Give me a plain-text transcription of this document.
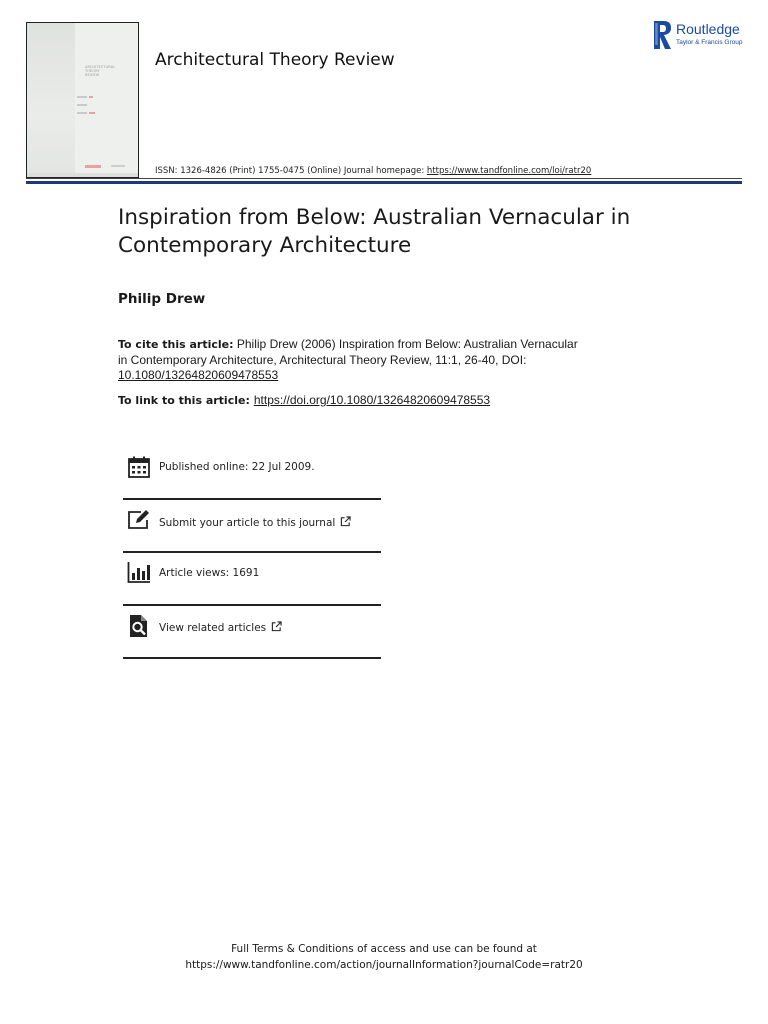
ARCHITECTURAL
THEORY
REVIEW
Architectural Theory Review
Routledge
Taylor & Francis Group
ISSN: 1326-4826 (Print) 1755-0475 (Online) Journal homepage: https://www.tandfonline.com/loi/ratr20
Inspiration from Below: Australian Vernacular in Contemporary Architecture
Philip Drew
To cite this article: Philip Drew (2006) Inspiration from Below: Australian Vernacular in Contemporary Architecture, Architectural Theory Review, 11:1, 26-40, DOI: 10.1080/13264820609478553
To link to this article: https://doi.org/10.1080/13264820609478553
Published online: 22 Jul 2009.
Submit your article to this journal
Article views: 1691
View related articles
Full Terms & Conditions of access and use can be found at
https://www.tandfonline.com/action/journalInformation?journalCode=ratr20
